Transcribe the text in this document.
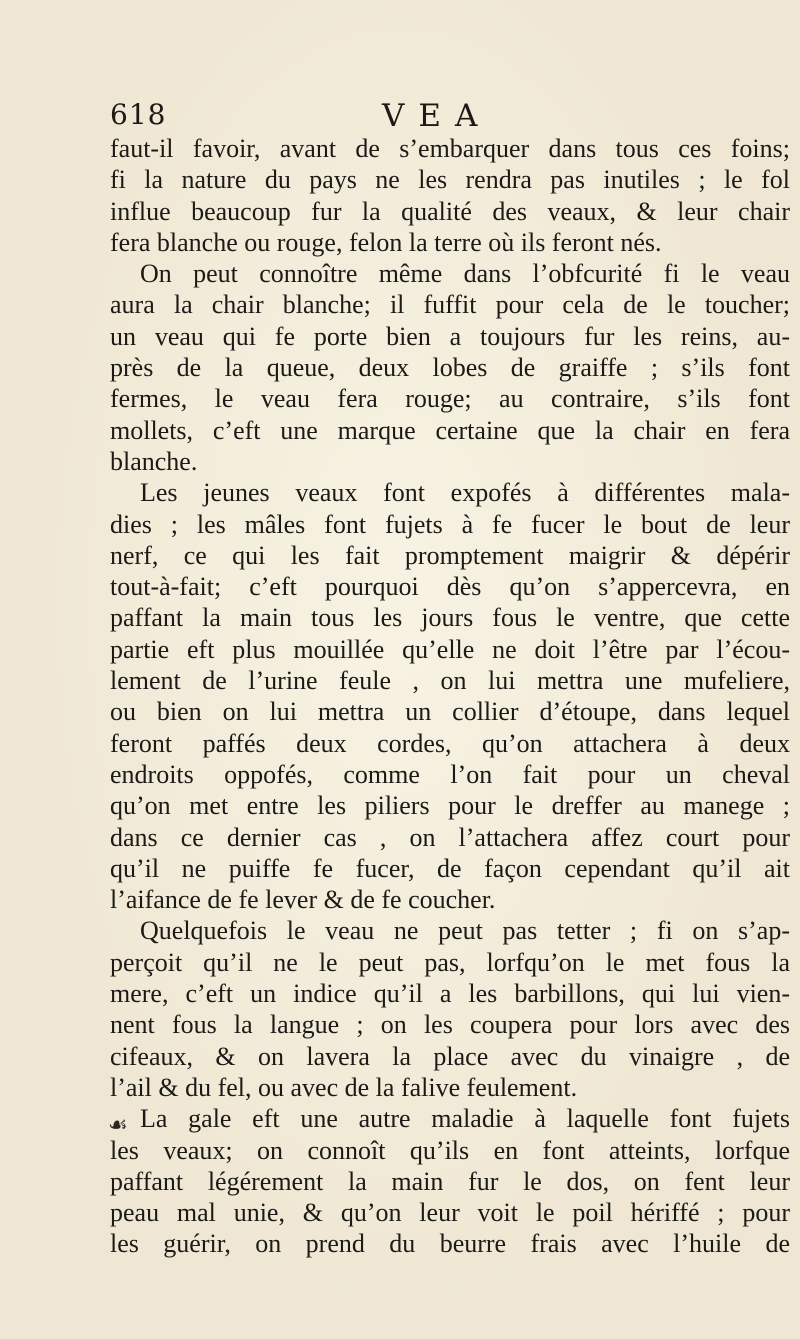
618	VEA
faut-il favoir, avant de s’embarquer dans tous ces foins;
fi la nature du pays ne les rendra pas inutiles ; le fol
influe beaucoup fur la qualité des veaux, & leur chair
fera blanche ou rouge, felon la terre où ils feront nés.
On peut connoître même dans l’obfcurité fi le veau
aura la chair blanche; il fuffit pour cela de le toucher;
un veau qui fe porte bien a toujours fur les reins, au-
près de la queue, deux lobes de graiffe ; s’ils font
fermes, le veau fera rouge; au contraire, s’ils font
mollets, c’eft une marque certaine que la chair en fera
blanche.
Les jeunes veaux font expofés à différentes mala-
dies ; les mâles font fujets à fe fucer le bout de leur
nerf, ce qui les fait promptement maigrir & dépérir
tout-à-fait; c’eft pourquoi dès qu’on s’appercevra, en
paffant la main tous les jours fous le ventre, que cette
partie eft plus mouillée qu’elle ne doit l’être par l’écou-
lement de l’urine feule , on lui mettra une mufeliere,
ou bien on lui mettra un collier d’étoupe, dans lequel
feront paffés deux cordes, qu’on attachera à deux
endroits oppofés, comme l’on fait pour un cheval
qu’on met entre les piliers pour le dreffer au manege ;
dans ce dernier cas , on l’attachera affez court pour
qu’il ne puiffe fe fucer, de façon cependant qu’il ait
l’aifance de fe lever & de fe coucher.
Quelquefois le veau ne peut pas tetter ; fi on s’ap-
perçoit qu’il ne le peut pas, lorfqu’on le met fous la
mere, c’eft un indice qu’il a les barbillons, qui lui vien-
nent fous la langue ; on les coupera pour lors avec des
cifeaux, & on lavera la place avec du vinaigre , de
l’ail & du fel, ou avec de la falive feulement.
La gale eft une autre maladie à laquelle font fujets
les veaux; on connoît qu’ils en font atteints, lorfque
paffant légérement la main fur le dos, on fent leur
peau mal unie, & qu’on leur voit le poil hériffé ; pour
les guérir, on prend du beurre frais avec l’huile de
☙
